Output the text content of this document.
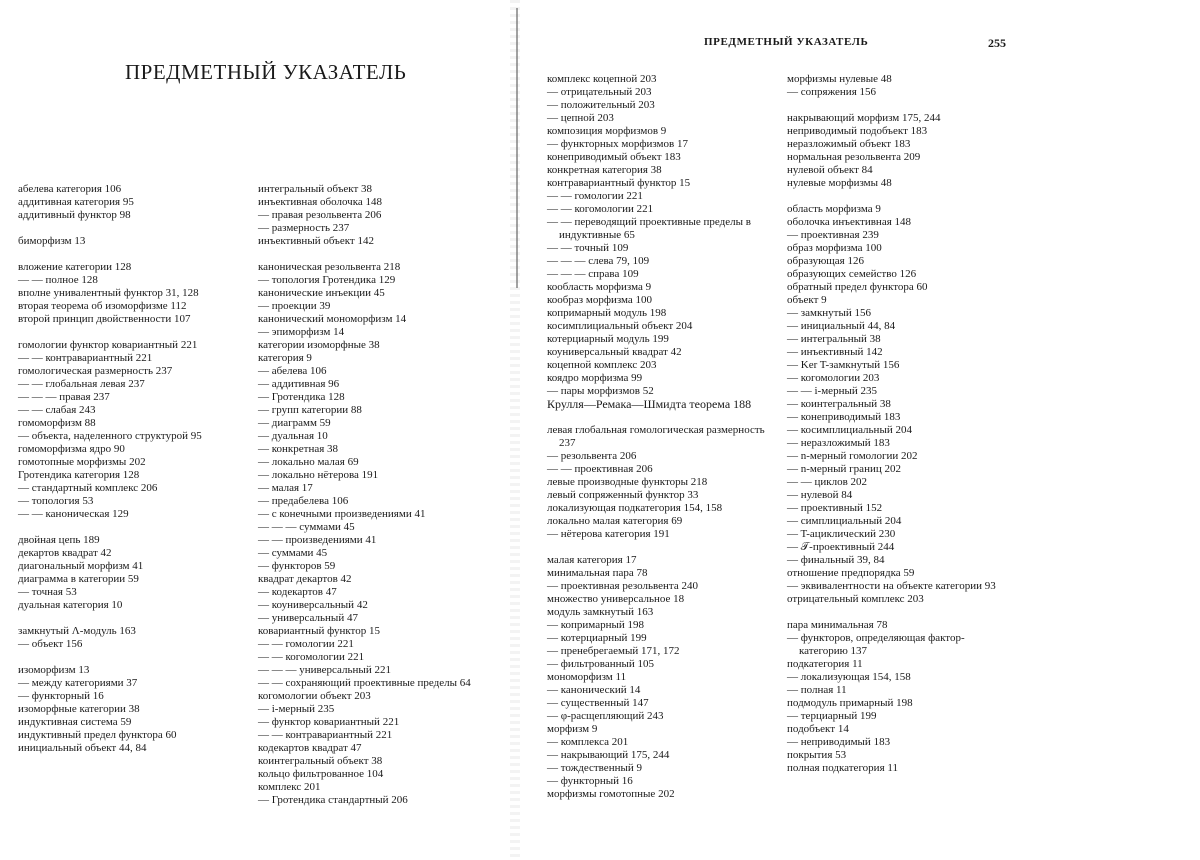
ПРЕДМЕТНЫЙ УКАЗАТЕЛЬ
абелева категория 106
аддитивная категория 95
аддитивный функтор 98
биморфизм 13
вложение категории 128
— — полное 128
вполне унивалентный функтор 31, 128
вторая теорема об изоморфизме 112
второй принцип двойственности 107
гомологии функтор ковариантный 221
— — контравариантный 221
гомологическая размерность 237
— — глобальная левая 237
— — — правая 237
— — слабая 243
гомоморфизм 88
— объекта, наделенного структурой 95
гомоморфизма ядро 90
гомотопные морфизмы 202
Гротендика категория 128
— стандартный комплекс 206
— топология 53
— — каноническая 129
двойная цепь 189
декартов квадрат 42
диагональный морфизм 41
диаграмма в категории 59
— точная 53
дуальная категория 10
замкнутый Λ-модуль 163
— объект 156
изоморфизм 13
— между категориями 37
— функторный 16
изоморфные категории 38
индуктивная система 59
индуктивный предел функтора 60
инициальный объект 44, 84
интегральный объект 38
инъективная оболочка 148
— правая резольвента 206
— размерность 237
инъективный объект 142
каноническая резольвента 218
— топология Гротендика 129
канонические инъекции 45
— проекции 39
канонический мономорфизм 14
— эпиморфизм 14
категории изоморфные 38
категория 9
— абелева 106
— аддитивная 96
— Гротендика 128
— групп категории 88
— диаграмм 59
— дуальная 10
— конкретная 38
— локально малая 69
— локально нётерова 191
— малая 17
— предабелева 106
— с конечными произведениями 41
— — — суммами 45
— — произведениями 41
— суммами 45
— функторов 59
квадрат декартов 42
— кодекартов 47
— коуниверсальный 42
— универсальный 47
ковариантный функтор 15
— — гомологии 221
— — когомологии 221
— — — универсальный 221
— — сохраняющий проективные пределы 64
когомологии объект 203
— і-мерный 235
— функтор ковариантный 221
— — контравариантный 221
кодекартов квадрат 47
коинтегральный объект 38
кольцо фильтрованное 104
комплекс 201
— Гротендика стандартный 206
ПРЕДМЕТНЫЙ УКАЗАТЕЛЬ	255
комплекс коцепной 203
— отрицательный 203
— положительный 203
— цепной 203
композиция морфизмов 9
— функторных морфизмов 17
конеприводимый объект 183
конкретная категория 38
контравариантный функтор 15
— — гомологии 221
— — когомологии 221
— — переводящий проективные пределы в индуктивные 65
— — точный 109
— — — слева 79, 109
— — — справа 109
кообласть морфизма 9
кообраз морфизма 100
копримарный модуль 198
косимплициальный объект 204
котерциарный модуль 199
коуниверсальный квадрат 42
коцепной комплекс 203
коядро морфизма 99
— пары морфизмов 52
Крулля—Ремака—Шмидта теорема 188
левая глобальная гомологическая размерность 237
— резольвента 206
— — проективная 206
левые производные функторы 218
левый сопряженный функтор 33
локализующая подкатегория 154, 158
локально малая категория 69
— нётерова категория 191
малая категория 17
минимальная пара 78
— проективная резольвента 240
множество универсальное 18
модуль замкнутый 163
— копримарный 198
— котерциарный 199
— пренебрегаемый 171, 172
— фильтрованный 105
мономорфизм 11
— канонический 14
— существенный 147
— φ-расщепляющий 243
морфизм 9
— комплекса 201
— накрывающий 175, 244
— тождественный 9
— функторный 16
морфизмы гомотопные 202
морфизмы нулевые 48
— сопряжения 156
накрывающий морфизм 175, 244
неприводимый подобъект 183
неразложимый объект 183
нормальная резольвента 209
нулевой объект 84
нулевые морфизмы 48
область морфизма 9
оболочка инъективная 148
— проективная 239
образ морфизма 100
образующая 126
образующих семейство 126
обратный предел функтора 60
объект 9
— замкнутый 156
— инициальный 44, 84
— интегральный 38
— инъективный 142
— Ker T-замкнутый 156
— когомологии 203
— — і-мерный 235
— коинтегральный 38
— конеприводимый 183
— косимплициальный 204
— неразложимый 183
— n-мерный гомологии 202
— n-мерный границ 202
— — циклов 202
— нулевой 84
— проективный 152
— симплициальный 204
— T-ациклический 230
— 𝒯-проективный 244
— финальный 39, 84
отношение предпорядка 59
— эквивалентности на объекте категории 93
отрицательный комплекс 203
пара минимальная 78
— функторов, определяющая фактор-категорию 137
подкатегория 11
— локализующая 154, 158
— полная 11
подмодуль примарный 198
— терциарный 199
подобъект 14
— неприводимый 183
покрытия 53
полная подкатегория 11
